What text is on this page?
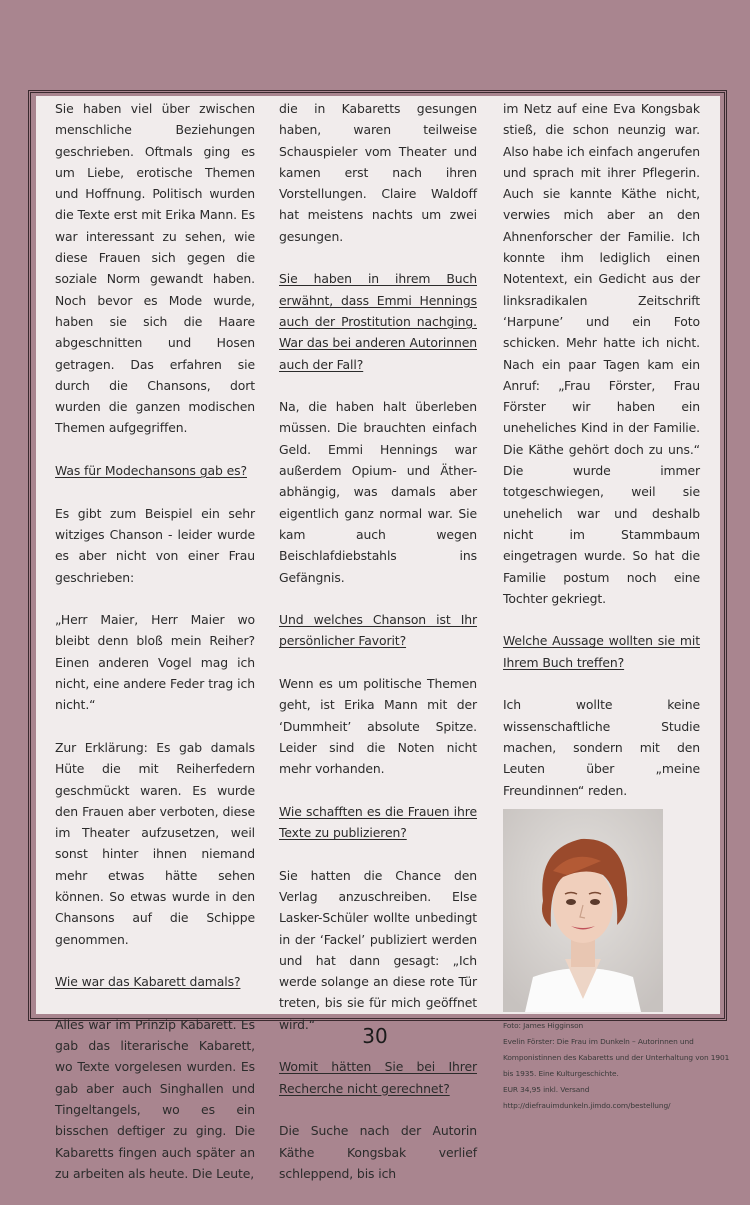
Sie haben viel über zwischen menschliche Beziehungen geschrieben. Oftmals ging es um Liebe, erotische Themen und Hoffnung. Politisch wurden die Texte erst mit Erika Mann. Es war interessant zu sehen, wie diese Frauen sich gegen die soziale Norm gewandt haben. Noch bevor es Mode wurde, haben sie sich die Haare abgeschnitten und Hosen getragen. Das erfahren sie durch die Chansons, dort wurden die ganzen modischen Themen aufgegriffen.

Was für Modechansons gab es?

Es gibt zum Beispiel ein sehr witziges Chanson - leider wurde es aber nicht von einer Frau geschrieben:

„Herr Maier, Herr Maier wo bleibt denn bloß mein Reiher? Einen anderen Vogel mag ich nicht, eine andere Feder trag ich nicht.“

Zur Erklärung: Es gab damals Hüte die mit Reiherfedern geschmückt waren. Es wurde den Frauen aber verboten, diese im Theater aufzusetzen, weil sonst hinter ihnen niemand mehr etwas hätte sehen können. So etwas wurde in den Chansons auf die Schippe genommen.

Wie war das Kabarett damals?

Alles war im Prinzip Kabarett. Es gab das literarische Kabarett, wo Texte vorgelesen wurden. Es gab aber auch Singhallen und Tingeltangels, wo es ein bisschen deftiger zu ging. Die Kabaretts fingen auch später an zu arbeiten als heute. Die Leute,

die in Kabaretts gesungen haben, waren teilweise Schauspieler vom Theater und kamen erst nach ihren Vorstellungen. Claire Waldoff hat meistens nachts um zwei gesungen.

Sie haben in ihrem Buch erwähnt, dass Emmi Hennings auch der Prostitution nachging. War das bei anderen Autorinnen auch der Fall?

Na, die haben halt überleben müssen. Die brauchten einfach Geld. Emmi Hennings war außerdem Opium- und Äther-abhängig, was damals aber eigentlich ganz normal war. Sie kam auch wegen Beischlafdiebstahls ins Gefängnis.

Und welches Chanson ist Ihr persönlicher Favorit?

Wenn es um politische Themen geht, ist Erika Mann mit der ‘Dummheit’ absolute Spitze. Leider sind die Noten nicht mehr vorhanden.

Wie schafften es die Frauen ihre Texte zu publizieren?

Sie hatten die Chance den Verlag anzuschreiben. Else Lasker-Schüler wollte unbedingt in der ‘Fackel’ publiziert werden und hat dann gesagt: „Ich werde solange an diese rote Tür treten, bis sie für mich geöffnet wird.“

Womit hätten Sie bei Ihrer Recherche nicht gerechnet?

Die Suche nach der Autorin Käthe Kongsbak verlief schleppend, bis ich

im Netz auf eine Eva Kongsbak stieß, die schon neunzig war. Also habe ich einfach angerufen und sprach mit ihrer Pflegerin. Auch sie kannte Käthe nicht, verwies mich aber an den Ahnenforscher der Familie. Ich konnte ihm lediglich einen Notentext, ein Gedicht aus der linksradikalen Zeitschrift ‘Harpune’ und ein Foto schicken. Mehr hatte ich nicht. Nach ein paar Tagen kam ein Anruf: „Frau Förster, Frau Förster wir haben ein uneheliches Kind in der Familie. Die Käthe gehört doch zu uns.“ Die wurde immer totgeschwiegen, weil sie unehelich war und deshalb nicht im Stammbaum eingetragen wurde. So hat die Familie postum noch eine Tochter gekriegt.

Welche Aussage wollten sie mit Ihrem Buch treffen?

Ich wollte keine wissenschaftliche Studie machen, sondern mit den Leuten über „meine Freundinnen“ reden.

Foto: James Higginson
Evelin Förster: Die Frau im Dunkeln – Autorinnen und
Komponistinnen des Kabaretts und der Unterhaltung von 1901
bis 1935. Eine Kulturgeschichte.
EUR 34,95 inkl. Versand
http://diefrauimdunkeln.jimdo.com/bestellung/
30
